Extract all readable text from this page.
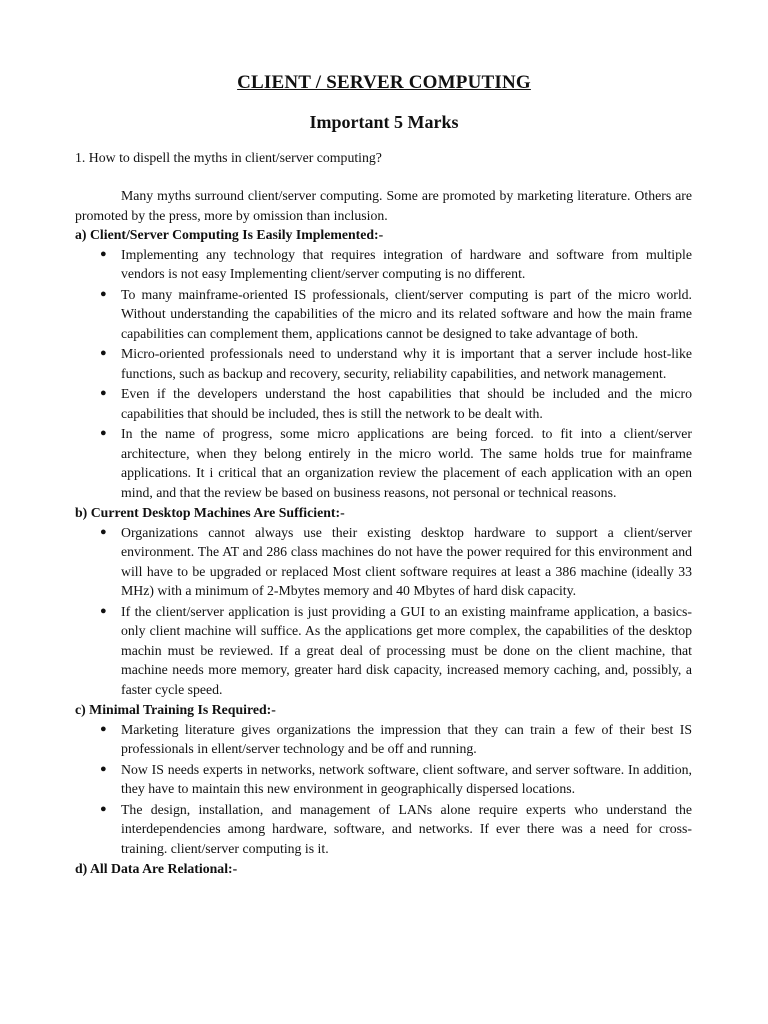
CLIENT / SERVER COMPUTING
Important 5 Marks

1. How to dispell the myths in client/server computing?

Many myths surround client/server computing. Some are promoted by marketing literature. Others are promoted by the press, more by omission than inclusion.

a) Client/Server Computing Is Easily Implemented:-

● Implementing any technology that requires integration of hardware and software from multiple vendors is not easy Implementing client/server computing is no different.
● To many mainframe-oriented IS professionals, client/server computing is part of the micro world. Without understanding the capabilities of the micro and its related software and how the main frame capabilities can complement them, applications cannot be designed to take advantage of both.
● Micro-oriented professionals need to understand why it is important that a server include host-like functions, such as backup and recovery, security, reliability capabilities, and network management.
● Even if the developers understand the host capabilities that should be included and the micro capabilities that should be included, thes is still the network to be dealt with.
● In the name of progress, some micro applications are being forced. to fit into a client/server architecture, when they belong entirely in the micro world. The same holds true for mainframe applications. It i critical that an organization review the placement of each application with an open mind, and that the review be based on business reasons, not personal or technical reasons.

b) Current Desktop Machines Are Sufficient:-

● Organizations cannot always use their existing desktop hardware to support a client/server environment. The AT and 286 class machines do not have the power required for this environment and will have to be upgraded or replaced Most client software requires at least a 386 machine (ideally 33 MHz) with a minimum of 2-Mbytes memory and 40 Mbytes of hard disk capacity.
● If the client/server application is just providing a GUI to an existing mainframe application, a basics-only client machine will suffice. As the applications get more complex, the capabilities of the desktop machin must be reviewed. If a great deal of processing must be done on the client machine, that machine needs more memory, greater hard disk capacity, increased memory caching, and, possibly, a faster cycle speed.

c) Minimal Training Is Required:-

● Marketing literature gives organizations the impression that they can train a few of their best IS professionals in ellent/server technology and be off and running.
● Now IS needs experts in networks, network software, client software, and server software. In addition, they have to maintain this new environment in geographically dispersed locations.
● The design, installation, and management of LANs alone require experts who understand the interdependencies among hardware, software, and networks. If ever there was a need for cross-training. client/server computing is it.

d) All Data Are Relational:-
